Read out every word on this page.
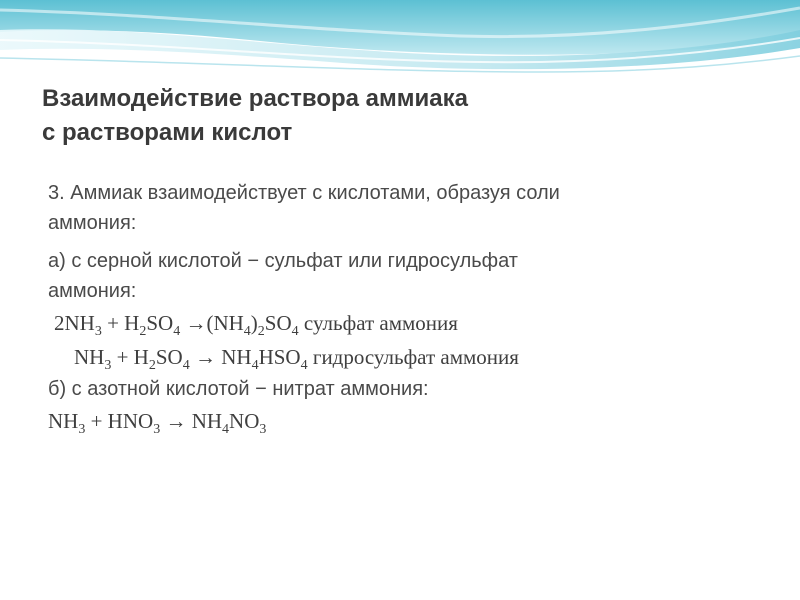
Взаимодействие раствора аммиака
с растворами кислот
3. Аммиак взаимодействует с кислотами, образуя соли
аммония:
а) с серной кислотой − сульфат или гидросульфат
аммония:
$2NH_3 + H_2SO_4 \to(NH_4)_2SO_4$ сульфат аммония
$NH_3 + H_2SO_4 \to NH_4HSO_4$ гидросульфат аммония
б) с азотной кислотой − нитрат аммония:
$NH_3 + HNO_3 \to NH_4NO_3$
